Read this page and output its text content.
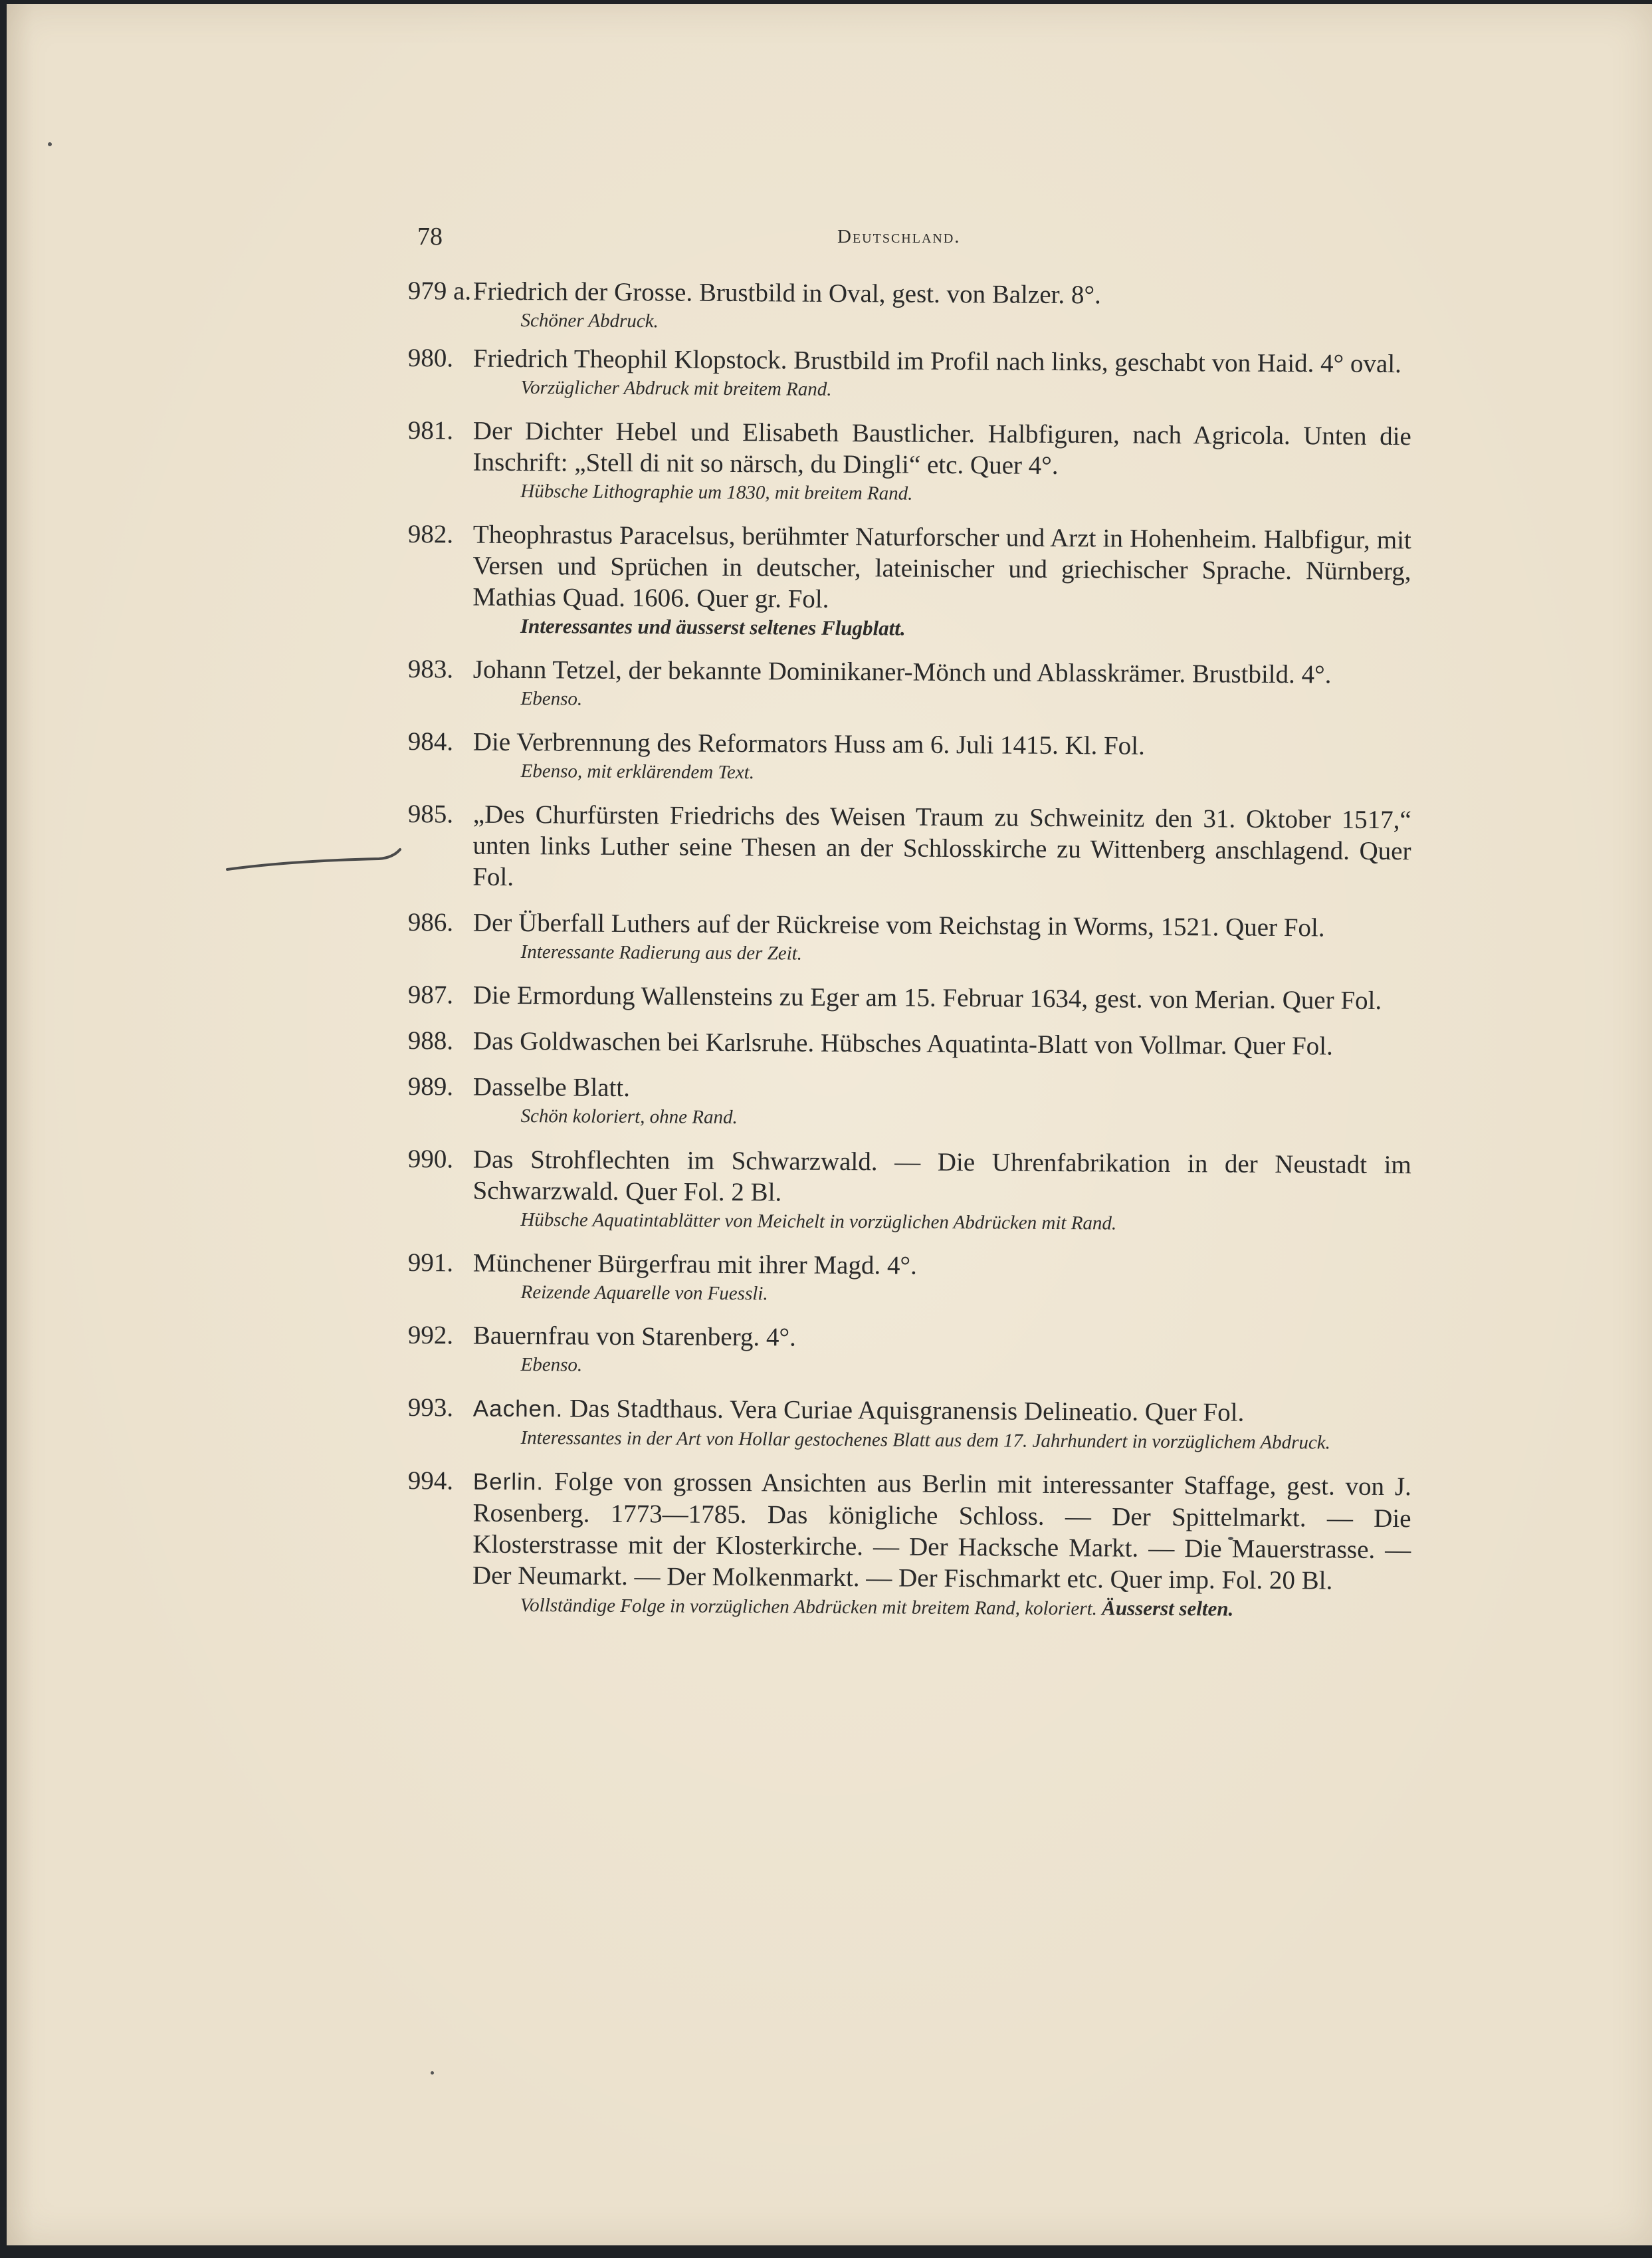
78	Deutschland.
979 a. Friedrich der Grosse. Brustbild in Oval, gest. von Balzer. 8°.
Schöner Abdruck.
980. Friedrich Theophil Klopstock. Brustbild im Profil nach links, geschabt von Haid. 4° oval.
Vorzüglicher Abdruck mit breitem Rand.
981. Der Dichter Hebel und Elisabeth Baustlicher. Halbfiguren, nach Agricola. Unten die Inschrift: „Stell di nit so närsch, du Dingli“ etc. Quer 4°.
Hübsche Lithographie um 1830, mit breitem Rand.
982. Theophrastus Paracelsus, berühmter Naturforscher und Arzt in Hohenheim. Halbfigur, mit Versen und Sprüchen in deutscher, lateinischer und griechischer Sprache. Nürnberg, Mathias Quad. 1606. Quer gr. Fol.
Interessantes und äusserst seltenes Flugblatt.
983. Johann Tetzel, der bekannte Dominikaner-Mönch und Ablasskrämer. Brustbild. 4°.
Ebenso.
984. Die Verbrennung des Reformators Huss am 6. Juli 1415. Kl. Fol.
Ebenso, mit erklärendem Text.
985. „Des Churfürsten Friedrichs des Weisen Traum zu Schweinitz den 31. Oktober 1517,“ unten links Luther seine Thesen an der Schlosskirche zu Wittenberg anschlagend. Quer Fol.
986. Der Überfall Luthers auf der Rückreise vom Reichstag in Worms, 1521. Quer Fol.
Interessante Radierung aus der Zeit.
987. Die Ermordung Wallensteins zu Eger am 15. Februar 1634, gest. von Merian. Quer Fol.
988. Das Goldwaschen bei Karlsruhe. Hübsches Aquatinta-Blatt von Vollmar. Quer Fol.
989. Dasselbe Blatt.
Schön koloriert, ohne Rand.
990. Das Strohflechten im Schwarzwald. — Die Uhrenfabrikation in der Neustadt im Schwarzwald. Quer Fol. 2 Bl.
Hübsche Aquatintablätter von Meichelt in vorzüglichen Abdrücken mit Rand.
991. Münchener Bürgerfrau mit ihrer Magd. 4°.
Reizende Aquarelle von Fuessli.
992. Bauernfrau von Starenberg. 4°.
Ebenso.
993. Aachen. Das Stadthaus. Vera Curiae Aquisgranensis Delineatio. Quer Fol.
Interessantes in der Art von Hollar gestochenes Blatt aus dem 17. Jahrhundert in vorzüglichem Abdruck.
994. Berlin. Folge von grossen Ansichten aus Berlin mit interessanter Staffage, gest. von J. Rosenberg. 1773—1785. Das königliche Schloss. — Der Spittelmarkt. — Die Klosterstrasse mit der Klosterkirche. — Der Hacksche Markt. — Die Mauerstrasse. — Der Neumarkt. — Der Molkenmarkt. — Der Fischmarkt etc. Quer imp. Fol. 20 Bl.
Vollständige Folge in vorzüglichen Abdrücken mit breitem Rand, koloriert. Äusserst selten.
